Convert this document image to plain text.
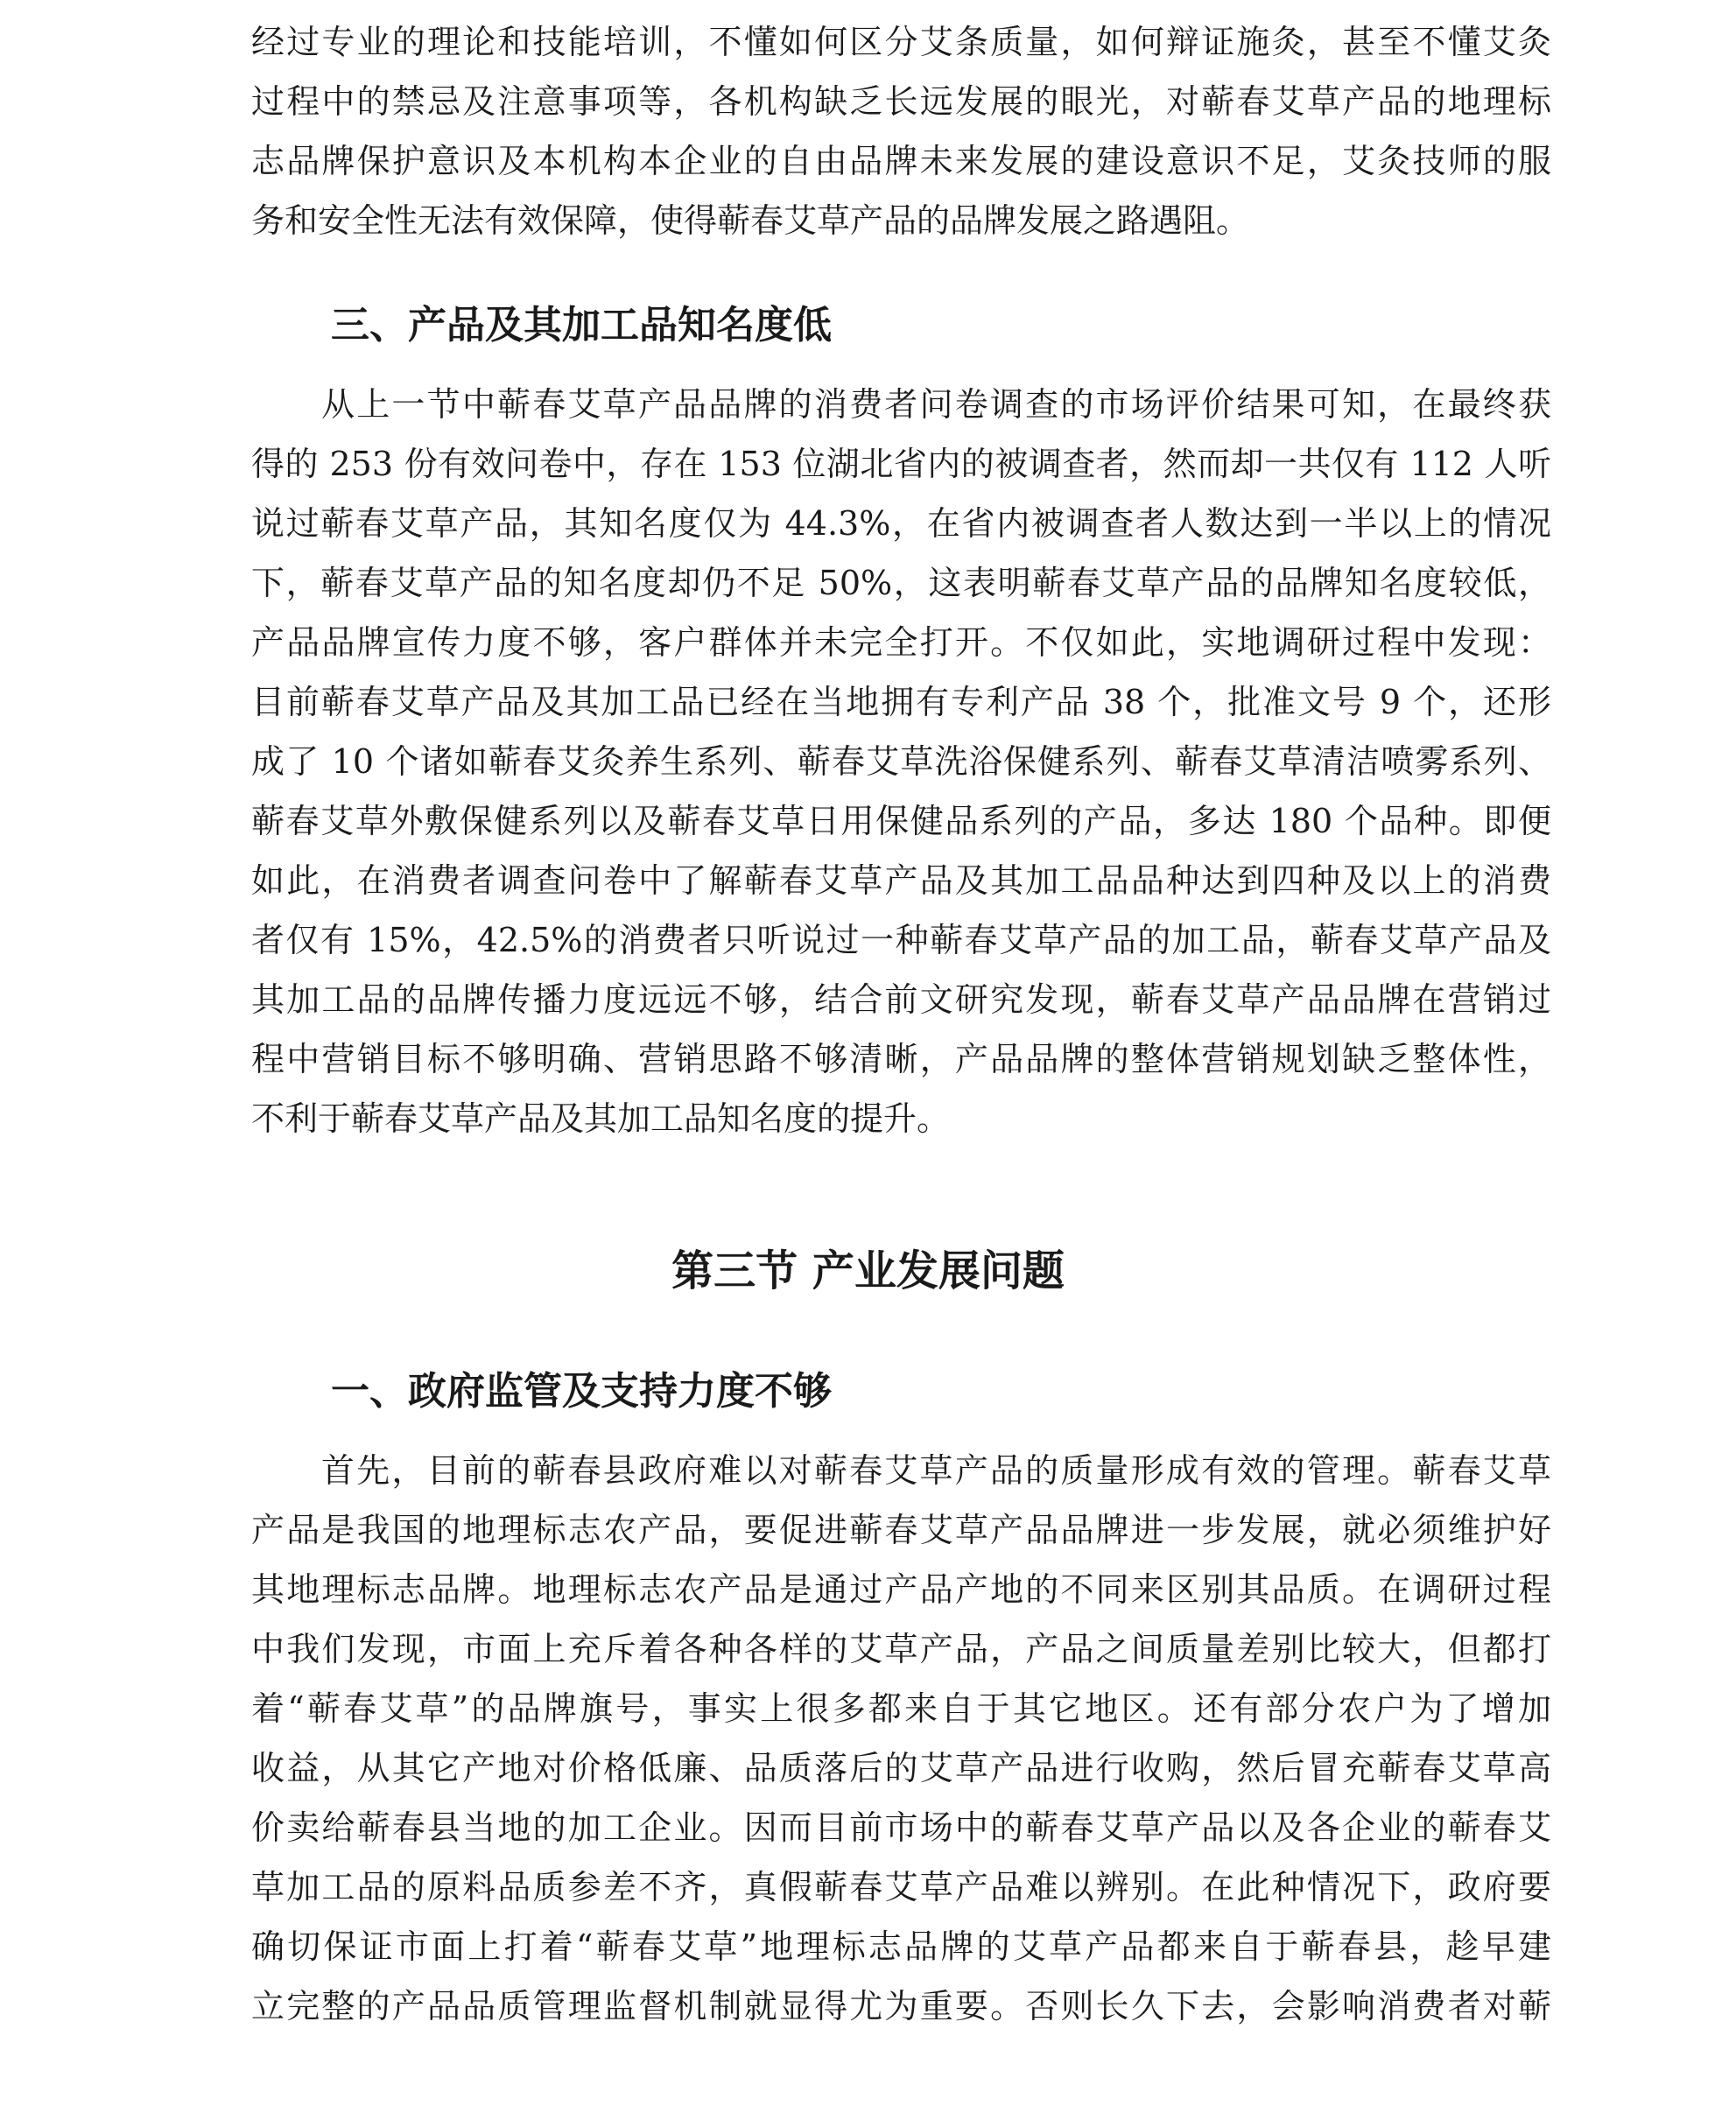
经过专业的理论和技能培训，不懂如何区分艾条质量，如何辩证施灸，甚至不懂艾灸
过程中的禁忌及注意事项等，各机构缺乏长远发展的眼光，对蕲春艾草产品的地理标
志品牌保护意识及本机构本企业的自由品牌未来发展的建设意识不足，艾灸技师的服
务和安全性无法有效保障，使得蕲春艾草产品的品牌发展之路遇阻。
三、产品及其加工品知名度低
从上一节中蕲春艾草产品品牌的消费者问卷调查的市场评价结果可知，在最终获
得的 253 份有效问卷中，存在 153 位湖北省内的被调查者，然而却一共仅有 112 人听
说过蕲春艾草产品，其知名度仅为 44.3%，在省内被调查者人数达到一半以上的情况
下，蕲春艾草产品的知名度却仍不足 50%，这表明蕲春艾草产品的品牌知名度较低，
产品品牌宣传力度不够，客户群体并未完全打开。不仅如此，实地调研过程中发现：
目前蕲春艾草产品及其加工品已经在当地拥有专利产品 38 个，批准文号 9 个，还形
成了 10 个诸如蕲春艾灸养生系列、蕲春艾草洗浴保健系列、蕲春艾草清洁喷雾系列、
蕲春艾草外敷保健系列以及蕲春艾草日用保健品系列的产品，多达 180 个品种。即便
如此，在消费者调查问卷中了解蕲春艾草产品及其加工品品种达到四种及以上的消费
者仅有 15%，42.5%的消费者只听说过一种蕲春艾草产品的加工品，蕲春艾草产品及
其加工品的品牌传播力度远远不够，结合前文研究发现，蕲春艾草产品品牌在营销过
程中营销目标不够明确、营销思路不够清晰，产品品牌的整体营销规划缺乏整体性，
不利于蕲春艾草产品及其加工品知名度的提升。
第三节 产业发展问题
一、政府监管及支持力度不够
首先，目前的蕲春县政府难以对蕲春艾草产品的质量形成有效的管理。蕲春艾草
产品是我国的地理标志农产品，要促进蕲春艾草产品品牌进一步发展，就必须维护好
其地理标志品牌。地理标志农产品是通过产品产地的不同来区别其品质。在调研过程
中我们发现，市面上充斥着各种各样的艾草产品，产品之间质量差别比较大，但都打
着“蕲春艾草”的品牌旗号，事实上很多都来自于其它地区。还有部分农户为了增加
收益，从其它产地对价格低廉、品质落后的艾草产品进行收购，然后冒充蕲春艾草高
价卖给蕲春县当地的加工企业。因而目前市场中的蕲春艾草产品以及各企业的蕲春艾
草加工品的原料品质参差不齐，真假蕲春艾草产品难以辨别。在此种情况下，政府要
确切保证市面上打着“蕲春艾草”地理标志品牌的艾草产品都来自于蕲春县，趁早建
立完整的产品品质管理监督机制就显得尤为重要。否则长久下去，会影响消费者对蕲
